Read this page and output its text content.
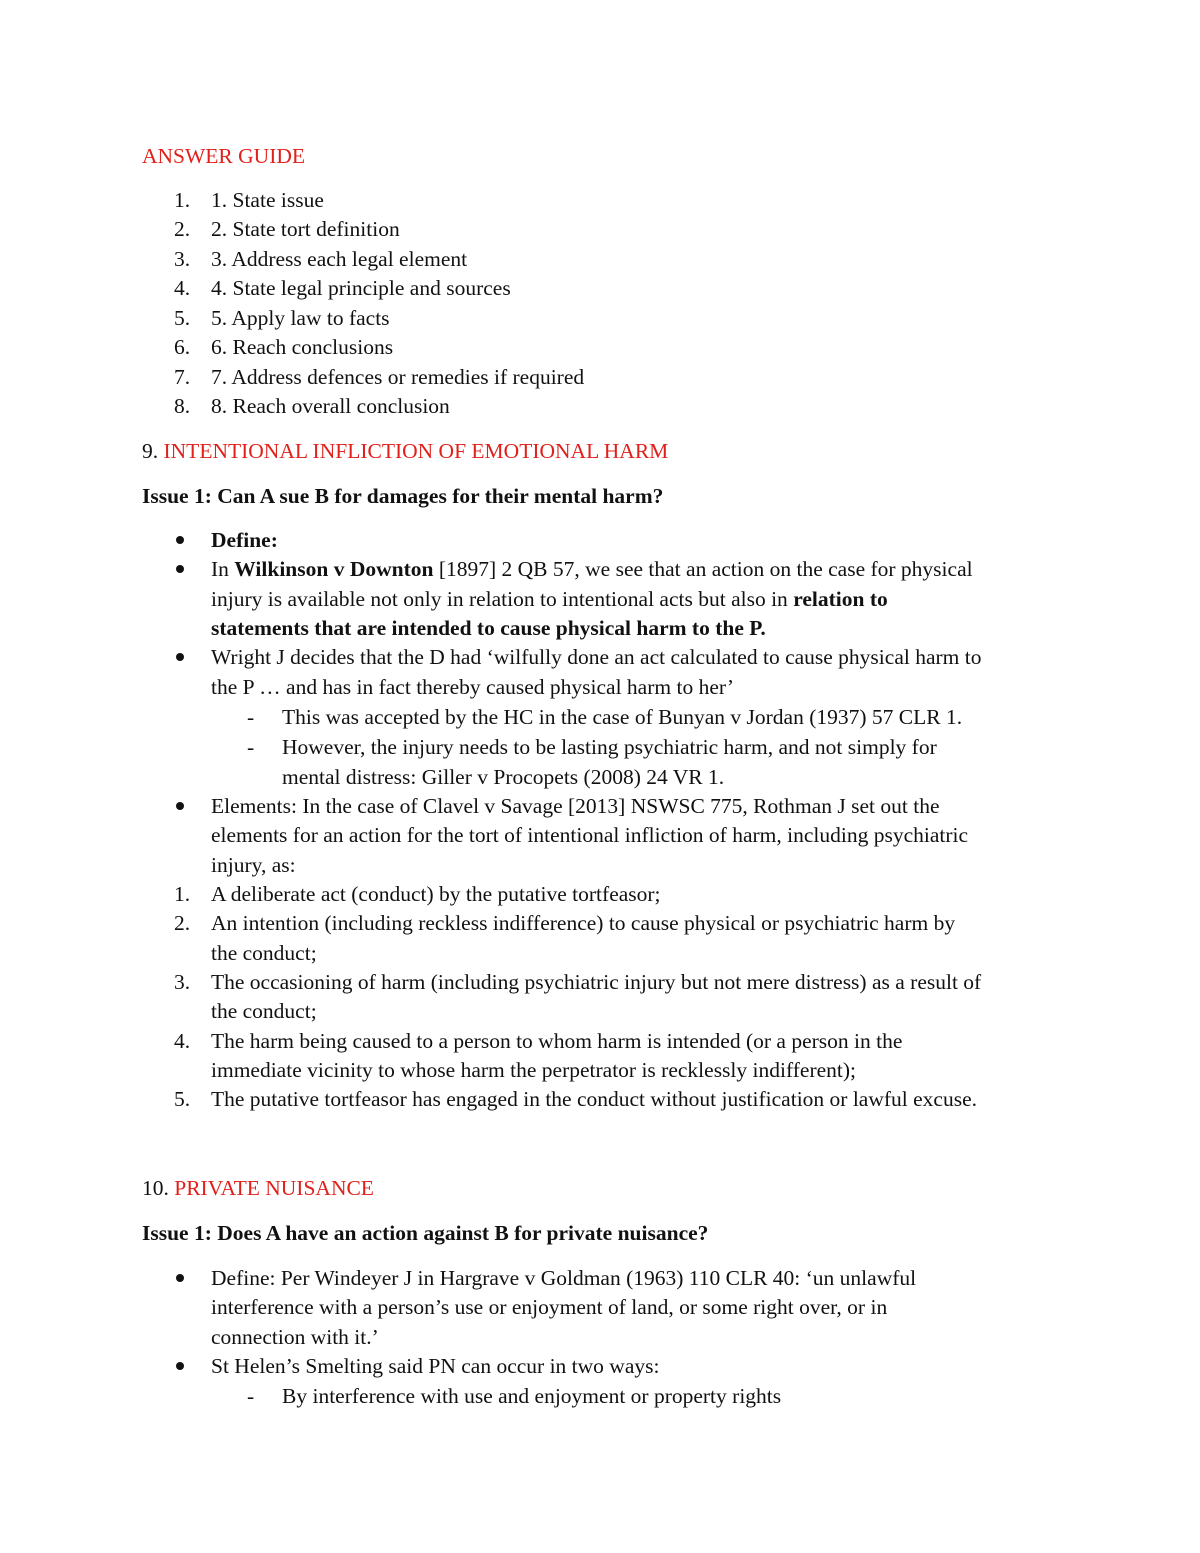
ANSWER GUIDE
1. 1. State issue
2. 2. State tort definition
3. 3. Address each legal element
4. 4. State legal principle and sources
5. 5. Apply law to facts
6. 6. Reach conclusions
7. 7. Address defences or remedies if required
8. 8. Reach overall conclusion
9. INTENTIONAL INFLICTION OF EMOTIONAL HARM
Issue 1: Can A sue B for damages for their mental harm?
Define:
In Wilkinson v Downton [1897] 2 QB 57, we see that an action on the case for physical
injury is available not only in relation to intentional acts but also in relation to
statements that are intended to cause physical harm to the P.
Wright J decides that the D had ‘wilfully done an act calculated to cause physical harm to
the P … and has in fact thereby caused physical harm to her’
- This was accepted by the HC in the case of Bunyan v Jordan (1937) 57 CLR 1.
- However, the injury needs to be lasting psychiatric harm, and not simply for
mental distress: Giller v Procopets (2008) 24 VR 1.
Elements: In the case of Clavel v Savage [2013] NSWSC 775, Rothman J set out the
elements for an action for the tort of intentional infliction of harm, including psychiatric
injury, as:
1. A deliberate act (conduct) by the putative tortfeasor;
2. An intention (including reckless indifference) to cause physical or psychiatric harm by
the conduct;
3. The occasioning of harm (including psychiatric injury but not mere distress) as a result of
the conduct;
4. The harm being caused to a person to whom harm is intended (or a person in the
immediate vicinity to whose harm the perpetrator is recklessly indifferent);
5. The putative tortfeasor has engaged in the conduct without justification or lawful excuse.
10. PRIVATE NUISANCE
Issue 1: Does A have an action against B for private nuisance?
Define: Per Windeyer J in Hargrave v Goldman (1963) 110 CLR 40: ‘un unlawful
interference with a person’s use or enjoyment of land, or some right over, or in
connection with it.’
St Helen’s Smelting said PN can occur in two ways:
- By interference with use and enjoyment or property rights
